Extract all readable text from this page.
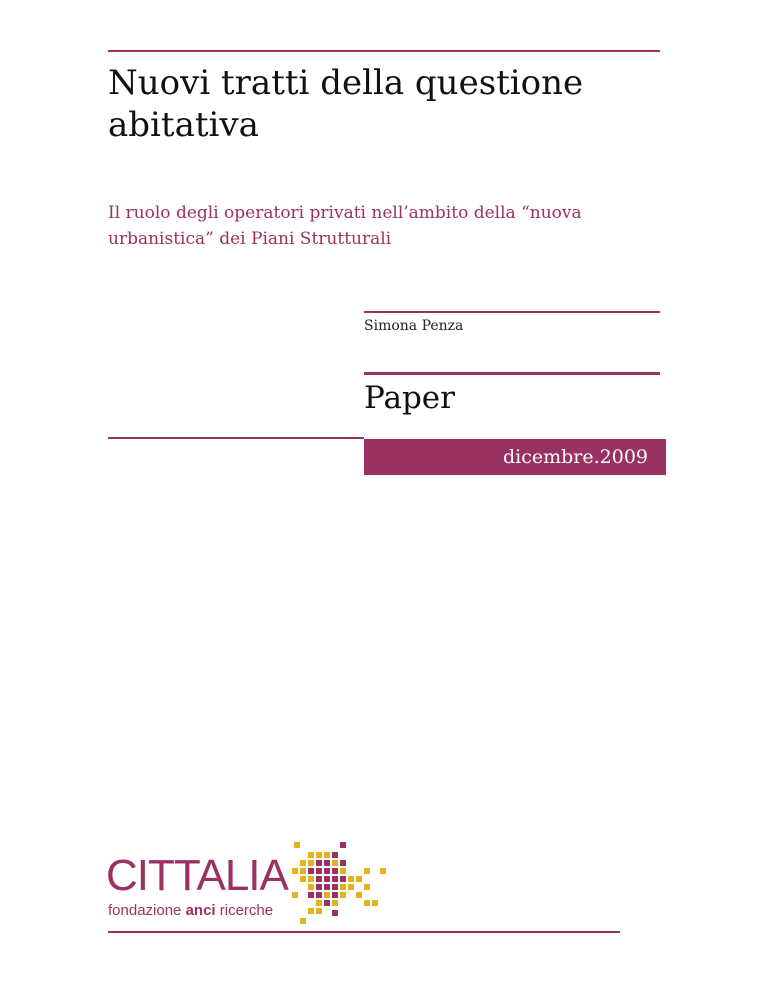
Nuovi tratti della questione abitativa

Il ruolo degli operatori privati nell’ambito della “nuova urbanistica” dei Piani Strutturali

Simona Penza
Paper
dicembre.2009
CITTALIA
fondazione anci ricerche
